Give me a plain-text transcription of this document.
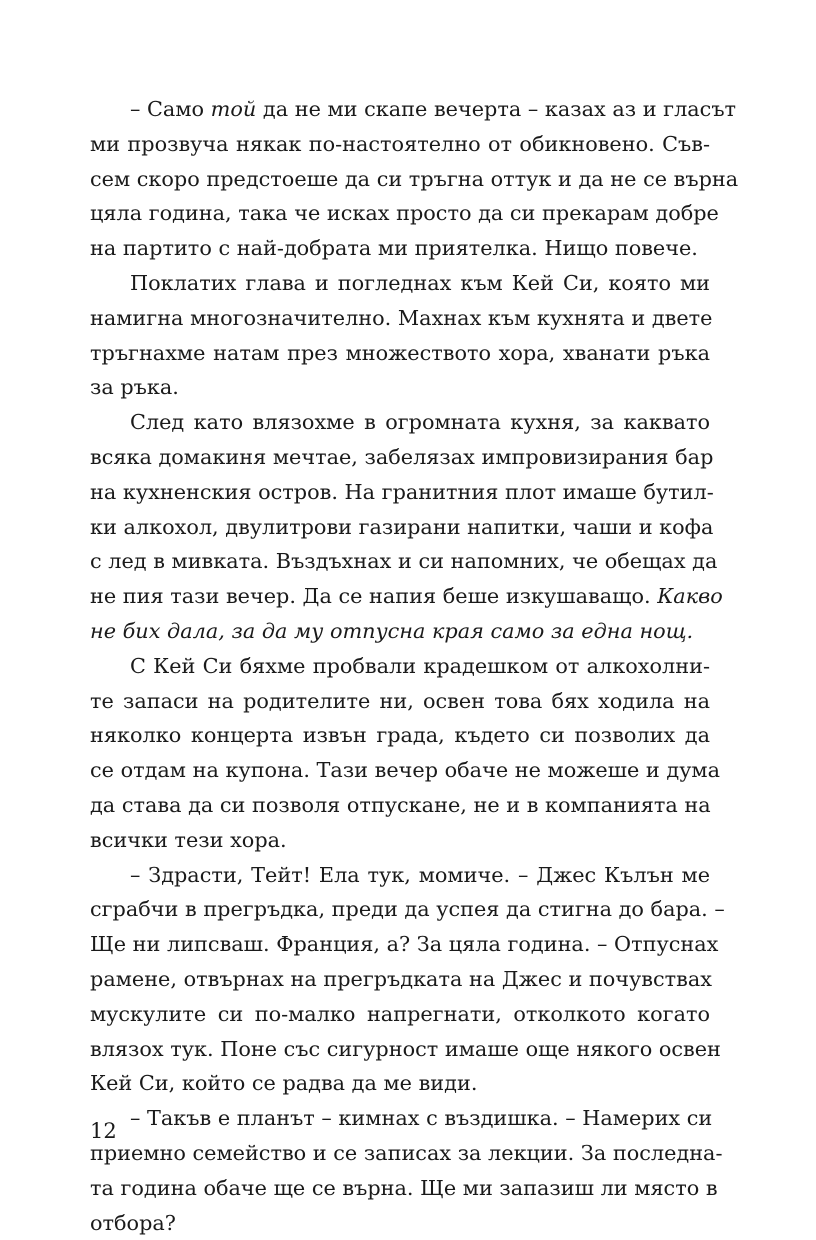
– Само той да не ми скапе вечерта – казах аз и гласът
ми прозвуча някак по-настоятелно от обикновено. Съв-
сем скоро предстоеше да си тръгна оттук и да не се върна
цяла година, така че исках просто да си прекарам добре
на партито с най-добрата ми приятелка. Нищо повече.
Поклатих глава и погледнах към Кей Си, която ми
намигна многозначително. Махнах към кухнята и двете
тръгнахме натам през множеството хора, хванати ръка
за ръка.
След като влязохме в огромната кухня, за каквато
всяка домакиня мечтае, забелязах импровизирания бар
на кухненския остров. На гранитния плот имаше бутил-
ки алкохол, двулитрови газирани напитки, чаши и кофа
с лед в мивката. Въздъхнах и си напомних, че обещах да
не пия тази вечер. Да се напия беше изкушаващо. Какво
не бих дала, за да му отпусна края само за една нощ.
С Кей Си бяхме пробвали крадешком от алкохолни-
те запаси на родителите ни, освен това бях ходила на
няколко концерта извън града, където си позволих да
се отдам на купона. Тази вечер обаче не можеше и дума
да става да си позволя отпускане, не и в компанията на
всички тези хора.
– Здрасти, Тейт! Ела тук, момиче. – Джес Кълън ме
сграбчи в прегръдка, преди да успея да стигна до бара. –
Ще ни липсваш. Франция, а? За цяла година. – Отпуснах
рамене, отвърнах на прегръдката на Джес и почувствах
мускулите си по-малко напрегнати, отколкото когато
влязох тук. Поне със сигурност имаше още някого освен
Кей Си, който се радва да ме види.
– Такъв е планът – кимнах с въздишка. – Намерих си
приемно семейство и се записах за лекции. За последна-
та година обаче ще се върна. Ще ми запазиш ли място в
отбора?
12
